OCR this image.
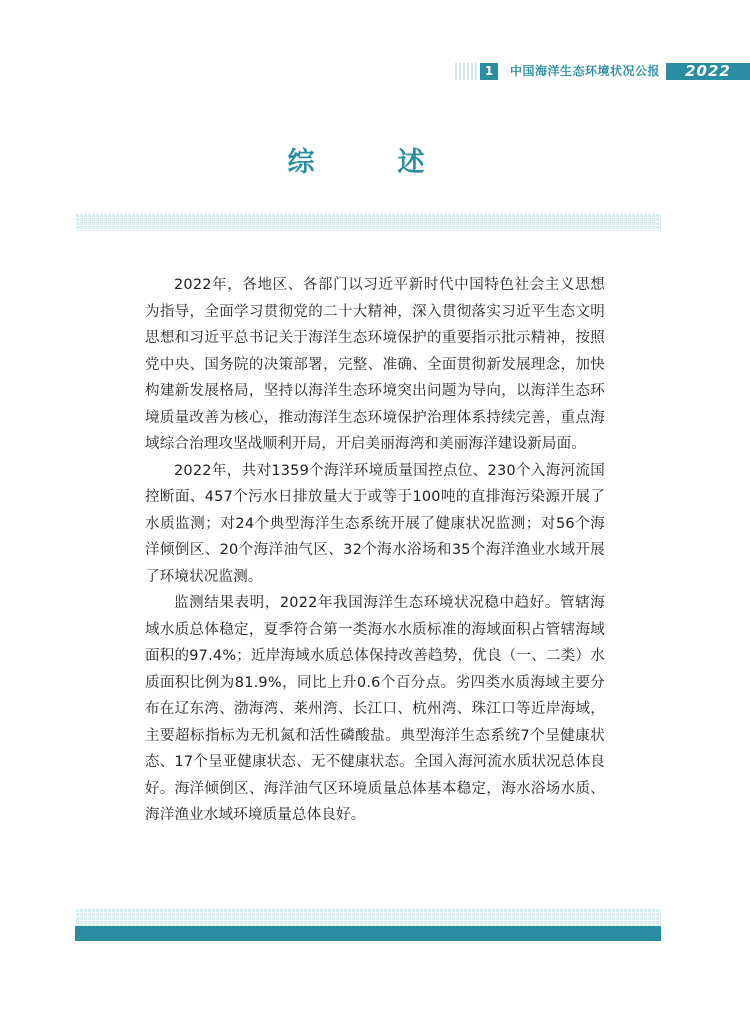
1	中国海洋生态环境状况公报	2022
综　述

2022年，各地区、各部门以习近平新时代中国特色社会主义思想为指导，全面学习贯彻党的二十大精神，深入贯彻落实习近平生态文明思想和习近平总书记关于海洋生态环境保护的重要指示批示精神，按照党中央、国务院的决策部署，完整、准确、全面贯彻新发展理念，加快构建新发展格局，坚持以海洋生态环境突出问题为导向，以海洋生态环境质量改善为核心，推动海洋生态环境保护治理体系持续完善，重点海域综合治理攻坚战顺利开局，开启美丽海湾和美丽海洋建设新局面。

2022年，共对1359个海洋环境质量国控点位、230个入海河流国控断面、457个污水日排放量大于或等于100吨的直排海污染源开展了水质监测；对24个典型海洋生态系统开展了健康状况监测；对56个海洋倾倒区、20个海洋油气区、32个海水浴场和35个海洋渔业水域开展了环境状况监测。

监测结果表明，2022年我国海洋生态环境状况稳中趋好。管辖海域水质总体稳定，夏季符合第一类海水水质标准的海域面积占管辖海域面积的97.4%；近岸海域水质总体保持改善趋势，优良（一、二类）水质面积比例为81.9%，同比上升0.6个百分点。劣四类水质海域主要分布在辽东湾、渤海湾、莱州湾、长江口、杭州湾、珠江口等近岸海域，主要超标指标为无机氮和活性磷酸盐。典型海洋生态系统7个呈健康状态、17个呈亚健康状态、无不健康状态。全国入海河流水质状况总体良好。海洋倾倒区、海洋油气区环境质量总体基本稳定，海水浴场水质、海洋渔业水域环境质量总体良好。
